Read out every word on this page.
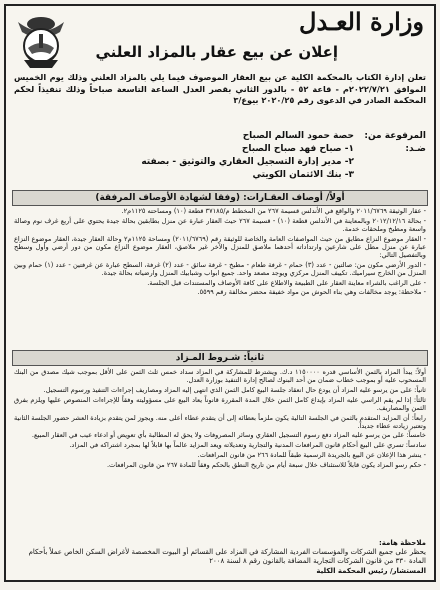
وزارة العـدل
إعلان عن بيع عقار بالمزاد العلني
تعلن إدارة الكتاب بالمحكمة الكلية عن بيع العقار الموصوف فيما يلي بالمزاد العلني وذلك يوم الخميس الموافق ٢٠٢٢/٧/٢١م - قاعة ٥٢ - بالدور الثاني بقصر العدل الساعة التاسعة صباحاً وذلك تنفيذاً لحكم المحكمة الصادر في الدعوى رقم ٢٠٢٠/٢٥ بيوع/٣
المرفوعة من:
حصة حمود السالم الصباح
ضـد:
١- صباح فهد صباح الصباح
٢- مدير إدارة التسجيل العقاري والتوثيق - بصفته
٣- بنك الائتمان الكويتي
أولاً/ أوصاف العقـارات: (وفقا لشهادة الأوصاف المرفقة)

- عقار الوثيقة ٢٠١١/٦٧٦٩ والواقع في الأندلس قسيمة ٢٦٧ من المخطط م/٣٧١٨٥ قطعة (١٠) ومساحته ١١٢٥م٢.

- بحالة ٢٠١٢/١٢/١٦ وبالمعاينة في الأندلس قطعة (١٠) - قسيمة ٢٦٧ حيث العقار عبارة عن منزل بطابقين بحالة جيدة يحتوي على أربع غرف نوم وصالة واسعة ومطبخ وملحقات خدمة.

- العقار موضوع النزاع مطابق من حيث المواصفات العامة والخاصة للوثيقة رقم (٢٠١١/٦٧٦٩) ومساحة ١١٢٥م٢ وحالة العقار جيدة، العقار موضوع النزاع عبارة عن منزل مطل على شارعين وارتداداته أحدهما ملاصق للمنزل والآخر غير ملاصق، العقار موضوع النزاع مكون من دور أرضي وأول وسطح وبالتفصيل التالي:

- الدور الأرضي مكون من: صالتين - عدد (٣) حمام - غرفة طعام - مطبخ - غرفة سائق - عدد (٢) غرفة، السطح عبارة عن غرفتين - عدد (١) حمام وبين المنزل من الخارج سيراميك. تكييف المنزل مركزي ويوجد مصعد واحد. جميع ابواب وشبابيك المنزل وارضياته بحالة جيدة.

- على الراغب بالشراء معاينة العقار على الطبيعة والاطلاع على كافة الأوصاف والمستندات قبل الجلسة.

- ملاحظة: يوجد مخالفات وهي بناء الحوش من مواد خفيفة محضر مخالفة رقم ٥٥٩٩.

ثانياً: شـروط المـزاد

أولاً: يبدأ المزاد بالثمن الأساسي قدره ١١٥٠٠٠٠ د.ك. ويشترط للمشاركة في المزاد سداد خمس ثلث الثمن على الأقل بموجب شيك مصدق من البنك المسحوب عليه أو بموجب خطاب ضمان من أحد البنوك لصالح إدارة التنفيذ بوزارة العدل.

ثانياً: على من يرسو عليه المزاد أن يودع حال انعقاد جلسة البيع كامل الثمن الذي انتهى إليه المزاد ومصاريف إجراءات التنفيذ ورسوم التسجيل.

ثالثاً: إذا لم يقم الراسي عليه المزاد بإيداع كامل الثمن خلال المدة المقررة قانوناً يعاد البيع على مسؤوليته وفقاً للإجراءات المنصوص عليها ويلزم بفرق الثمن والمصاريف.

رابعاً: أن المزايد المتقدم بالثمن في الجلسة التالية يكون ملزماً بعطائه إلى أن يتقدم عطاء أعلى منه. ويجوز لمن يتقدم بزيادة العشر حضور الجلسة الثانية وتعتبر زيادته عطاء جديداً.

خامساً: على من يرسو عليه المزاد دفع رسوم التسجيل العقاري وسائر المصروفات ولا يحق له المطالبة بأي تعويض أو ادعاء عيب في العقار المبيع.

سادساً: تسري على البيع أحكام قانون المرافعات المدنية والتجارية وتعديلاته ويعد المزايد عالماً بها قابلاً لها بمجرد اشتراكه في المزاد.

- ينشر هذا الإعلان عن البيع بالجريدة الرسمية طبقاً للمادة ٢٦٦ من قانون المرافعات.

- حكم رسو المزاد يكون قابلاً للاستئناف خلال سبعة أيام من تاريخ النطق بالحكم وفقاً للمادة ٢٦٧ من قانون المرافعات.

ملاحظة هامة:
يحظر على جميع الشركات والمؤسسات الفردية المشاركة في المزاد على القسائم أو البيوت المخصصة لأغراض السكن الخاص عملاً بأحكام المادة ٣٣٠ من قانون الشركات التجارية المضافة بالقانون رقم ٨ لسنة ٢٠٠٨
المستشار/ رئيس المحكمة الكلية
